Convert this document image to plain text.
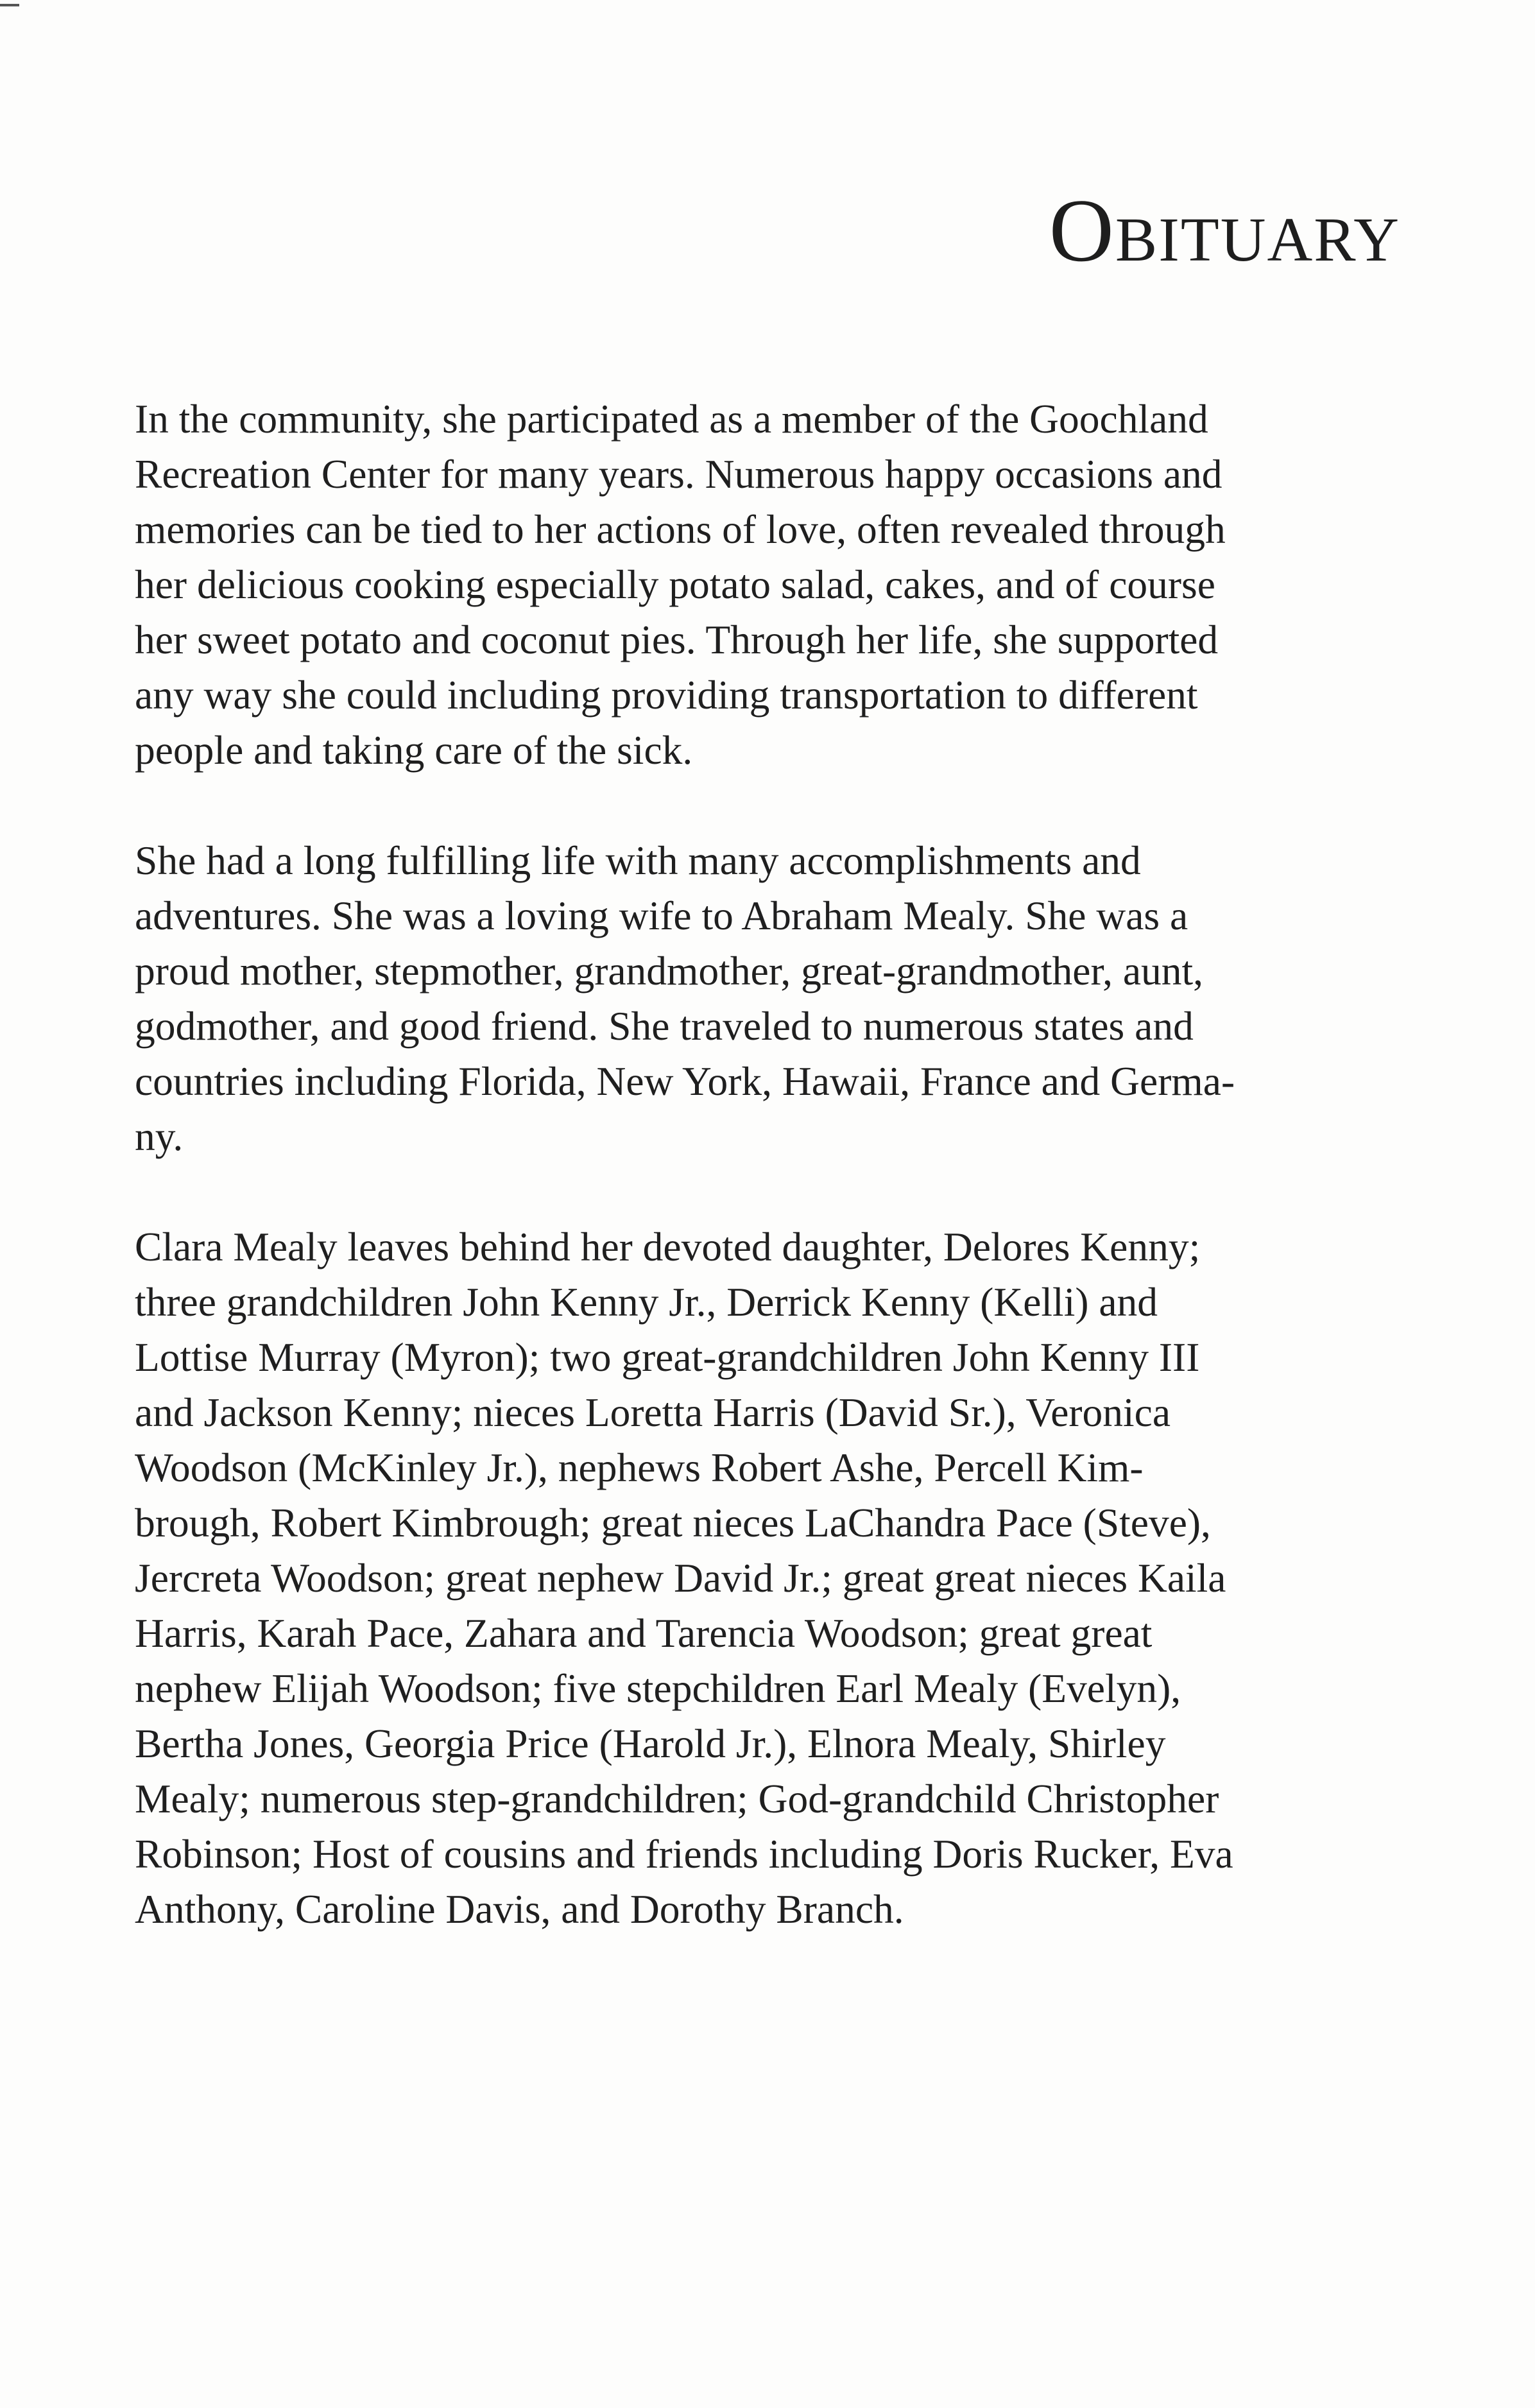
Obituary

In the community, she participated as a member of the Goochland
Recreation Center for many years. Numerous happy occasions and
memories can be tied to her actions of love, often revealed through
her delicious cooking especially potato salad, cakes, and of course
her sweet potato and coconut pies. Through her life, she supported
any way she could including providing transportation to different
people and taking care of the sick.

She had a long fulfilling life with many accomplishments and
adventures. She was a loving wife to Abraham Mealy. She was a
proud mother, stepmother, grandmother, great-grandmother, aunt,
godmother, and good friend. She traveled to numerous states and
countries including Florida, New York, Hawaii, France and Germa-
ny.

Clara Mealy leaves behind her devoted daughter, Delores Kenny;
three grandchildren John Kenny Jr., Derrick Kenny (Kelli) and
Lottise Murray (Myron); two great-grandchildren John Kenny III
and Jackson Kenny; nieces Loretta Harris (David Sr.), Veronica
Woodson (McKinley Jr.), nephews Robert Ashe, Percell Kim-
brough, Robert Kimbrough; great nieces LaChandra Pace (Steve),
Jercreta Woodson; great nephew David Jr.; great great nieces Kaila
Harris, Karah Pace, Zahara and Tarencia Woodson; great great
nephew Elijah Woodson; five stepchildren Earl Mealy (Evelyn),
Bertha Jones, Georgia Price (Harold Jr.), Elnora Mealy, Shirley
Mealy; numerous step-grandchildren; God-grandchild Christopher
Robinson; Host of cousins and friends including Doris Rucker, Eva
Anthony, Caroline Davis, and Dorothy Branch.
